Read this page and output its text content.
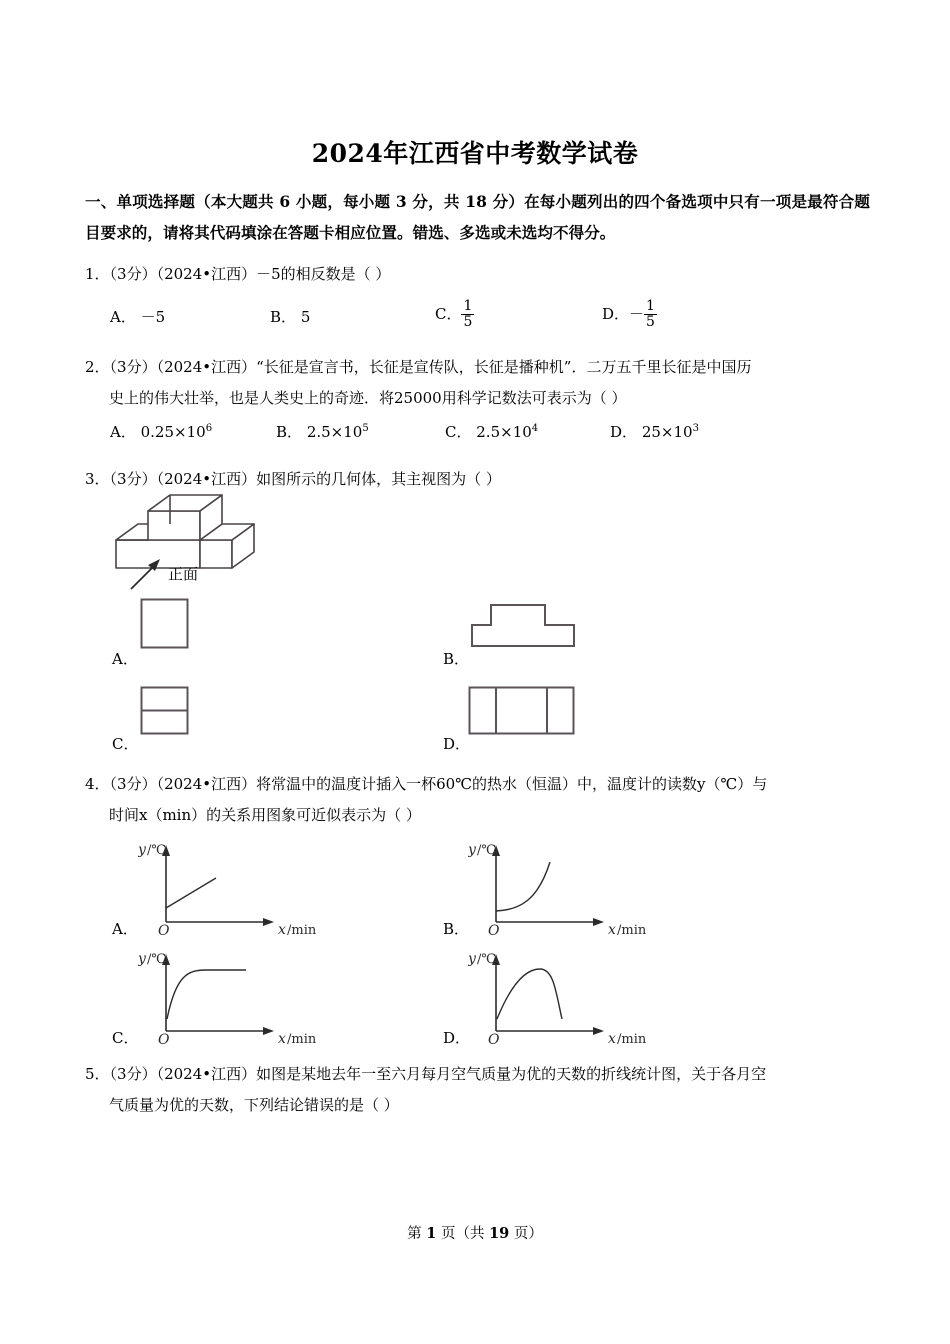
2024年江西省中考数学试卷
一、单项选择题（本大题共 6 小题，每小题 3 分，共 18 分）在每小题列出的四个备选项中只有一项是最符合题目要求的，请将其代码填涂在答题卡相应位置。错选、多选或未选均不得分。
1．（3分）（2024•江西）－5的相反数是（ ）
A． －5	B． 5	C． $\frac{1}{5}$	D．－ $\frac{1}{5}$
2．（3分）（2024•江西）“长征是宣言书，长征是宣传队，长征是播种机”．二万五千里长征是中国历
史上的伟大壮举，也是人类史上的奇迹．将25000用科学记数法可表示为（ ）
A． $0.25\times 10^6$	B． $2.5\times 10^5$	C． $2.5\times 10^4$	D． $25\times 10^3$
3．（3分）（2024•江西）如图所示的几何体，其主视图为（ ）
正面
A．	B．
C．	D．
4．（3分）（2024•江西）将常温中的温度计插入一杯60℃的热水（恒温）中，温度计的读数y（℃）与
时间x（min）的关系用图象可近似表示为（ ）
A．
y /℃
O	x /min	B．
y /℃
O	x /min
C．
y /℃
O	x /min	D．
y /℃
O	x /min
5．（3分）（2024•江西）如图是某地去年一至六月每月空气质量为优的天数的折线统计图，关于各月空
气质量为优的天数，下列结论错误的是（ ）
第 1 页（共 19 页）
